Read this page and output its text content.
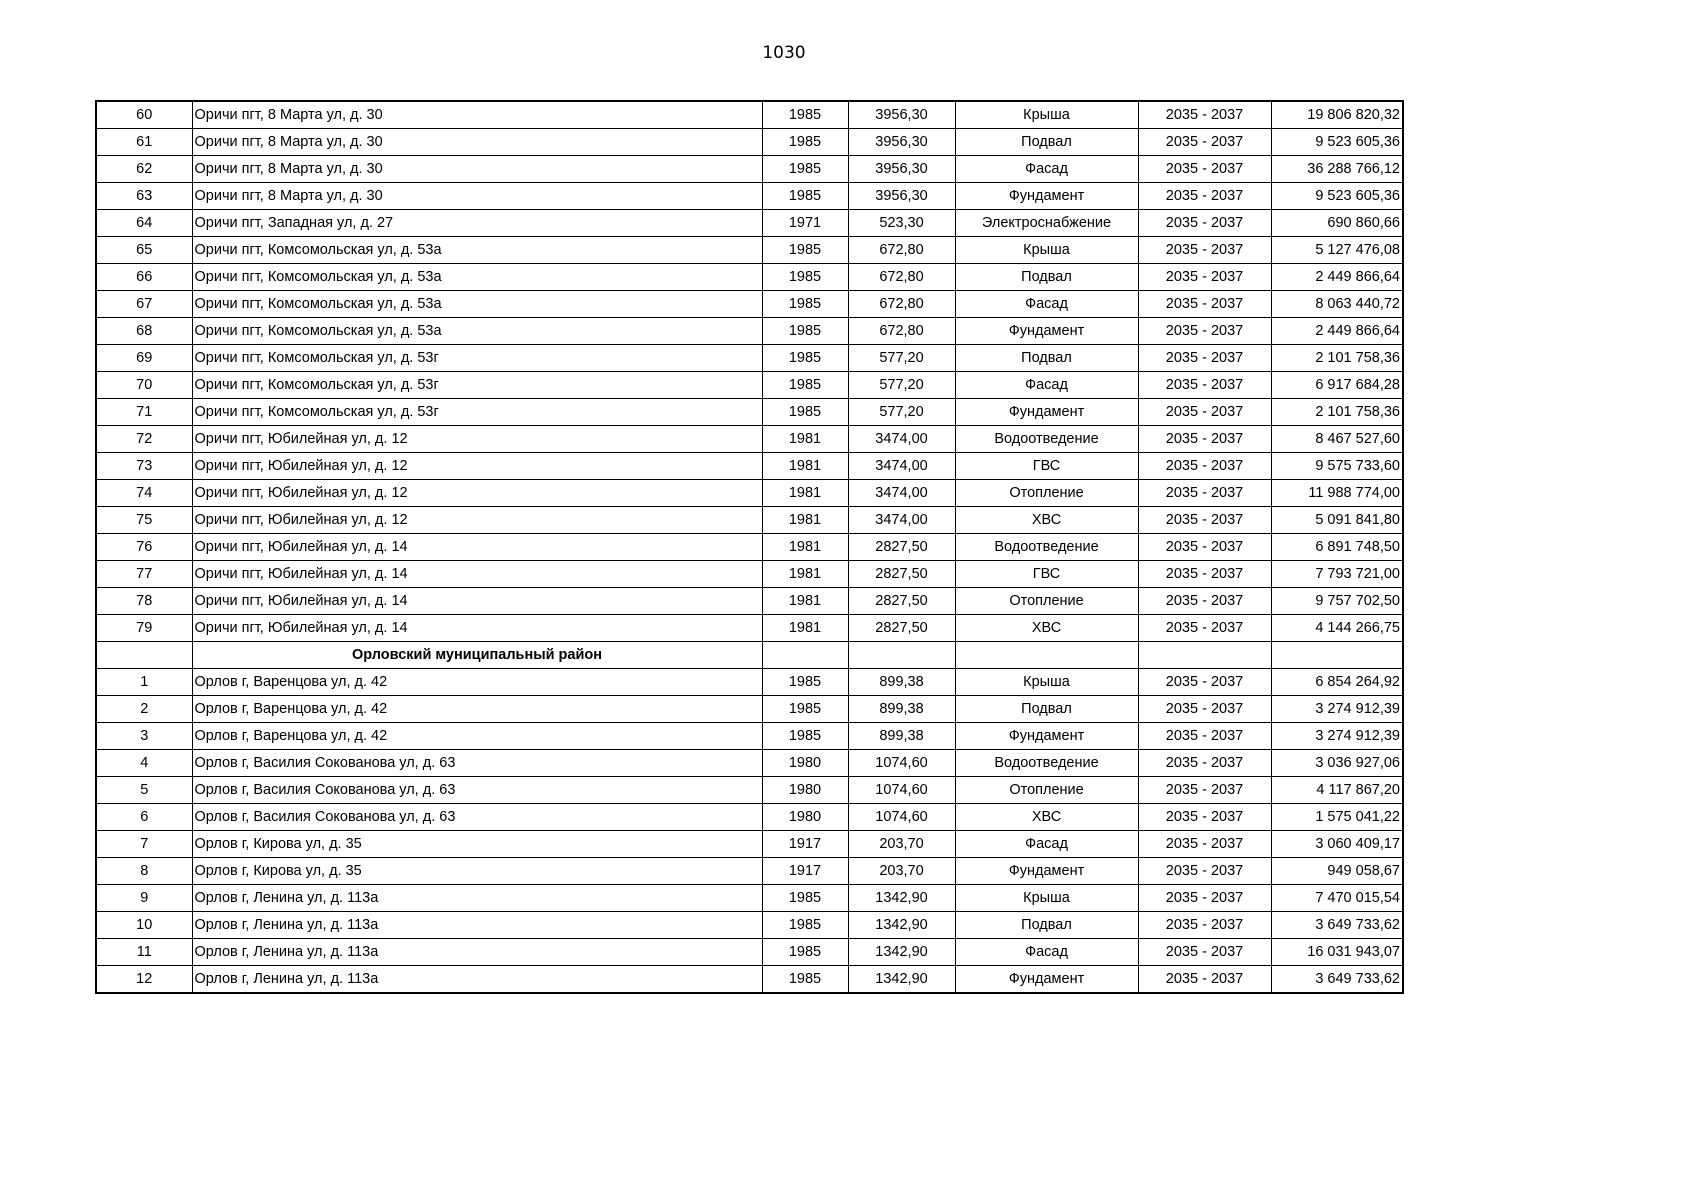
1030
60	Оричи пгт, 8 Марта ул, д. 30	1985	3956,30	Крыша	2035 - 2037	19 806 820,32
61	Оричи пгт, 8 Марта ул, д. 30	1985	3956,30	Подвал	2035 - 2037	9 523 605,36
62	Оричи пгт, 8 Марта ул, д. 30	1985	3956,30	Фасад	2035 - 2037	36 288 766,12
63	Оричи пгт, 8 Марта ул, д. 30	1985	3956,30	Фундамент	2035 - 2037	9 523 605,36
64	Оричи пгт, Западная ул, д. 27	1971	523,30	Электроснабжение	2035 - 2037	690 860,66
65	Оричи пгт, Комсомольская ул, д. 53а	1985	672,80	Крыша	2035 - 2037	5 127 476,08
66	Оричи пгт, Комсомольская ул, д. 53а	1985	672,80	Подвал	2035 - 2037	2 449 866,64
67	Оричи пгт, Комсомольская ул, д. 53а	1985	672,80	Фасад	2035 - 2037	8 063 440,72
68	Оричи пгт, Комсомольская ул, д. 53а	1985	672,80	Фундамент	2035 - 2037	2 449 866,64
69	Оричи пгт, Комсомольская ул, д. 53г	1985	577,20	Подвал	2035 - 2037	2 101 758,36
70	Оричи пгт, Комсомольская ул, д. 53г	1985	577,20	Фасад	2035 - 2037	6 917 684,28
71	Оричи пгт, Комсомольская ул, д. 53г	1985	577,20	Фундамент	2035 - 2037	2 101 758,36
72	Оричи пгт, Юбилейная ул, д. 12	1981	3474,00	Водоотведение	2035 - 2037	8 467 527,60
73	Оричи пгт, Юбилейная ул, д. 12	1981	3474,00	ГВС	2035 - 2037	9 575 733,60
74	Оричи пгт, Юбилейная ул, д. 12	1981	3474,00	Отопление	2035 - 2037	11 988 774,00
75	Оричи пгт, Юбилейная ул, д. 12	1981	3474,00	ХВС	2035 - 2037	5 091 841,80
76	Оричи пгт, Юбилейная ул, д. 14	1981	2827,50	Водоотведение	2035 - 2037	6 891 748,50
77	Оричи пгт, Юбилейная ул, д. 14	1981	2827,50	ГВС	2035 - 2037	7 793 721,00
78	Оричи пгт, Юбилейная ул, д. 14	1981	2827,50	Отопление	2035 - 2037	9 757 702,50
79	Оричи пгт, Юбилейная ул, д. 14	1981	2827,50	ХВС	2035 - 2037	4 144 266,75
	Орловский муниципальный район					
1	Орлов г, Варенцова ул, д. 42	1985	899,38	Крыша	2035 - 2037	6 854 264,92
2	Орлов г, Варенцова ул, д. 42	1985	899,38	Подвал	2035 - 2037	3 274 912,39
3	Орлов г, Варенцова ул, д. 42	1985	899,38	Фундамент	2035 - 2037	3 274 912,39
4	Орлов г, Василия Сокованова ул, д. 63	1980	1074,60	Водоотведение	2035 - 2037	3 036 927,06
5	Орлов г, Василия Сокованова ул, д. 63	1980	1074,60	Отопление	2035 - 2037	4 117 867,20
6	Орлов г, Василия Сокованова ул, д. 63	1980	1074,60	ХВС	2035 - 2037	1 575 041,22
7	Орлов г, Кирова ул, д. 35	1917	203,70	Фасад	2035 - 2037	3 060 409,17
8	Орлов г, Кирова ул, д. 35	1917	203,70	Фундамент	2035 - 2037	949 058,67
9	Орлов г, Ленина ул, д. 113а	1985	1342,90	Крыша	2035 - 2037	7 470 015,54
10	Орлов г, Ленина ул, д. 113а	1985	1342,90	Подвал	2035 - 2037	3 649 733,62
11	Орлов г, Ленина ул, д. 113а	1985	1342,90	Фасад	2035 - 2037	16 031 943,07
12	Орлов г, Ленина ул, д. 113а	1985	1342,90	Фундамент	2035 - 2037	3 649 733,62
